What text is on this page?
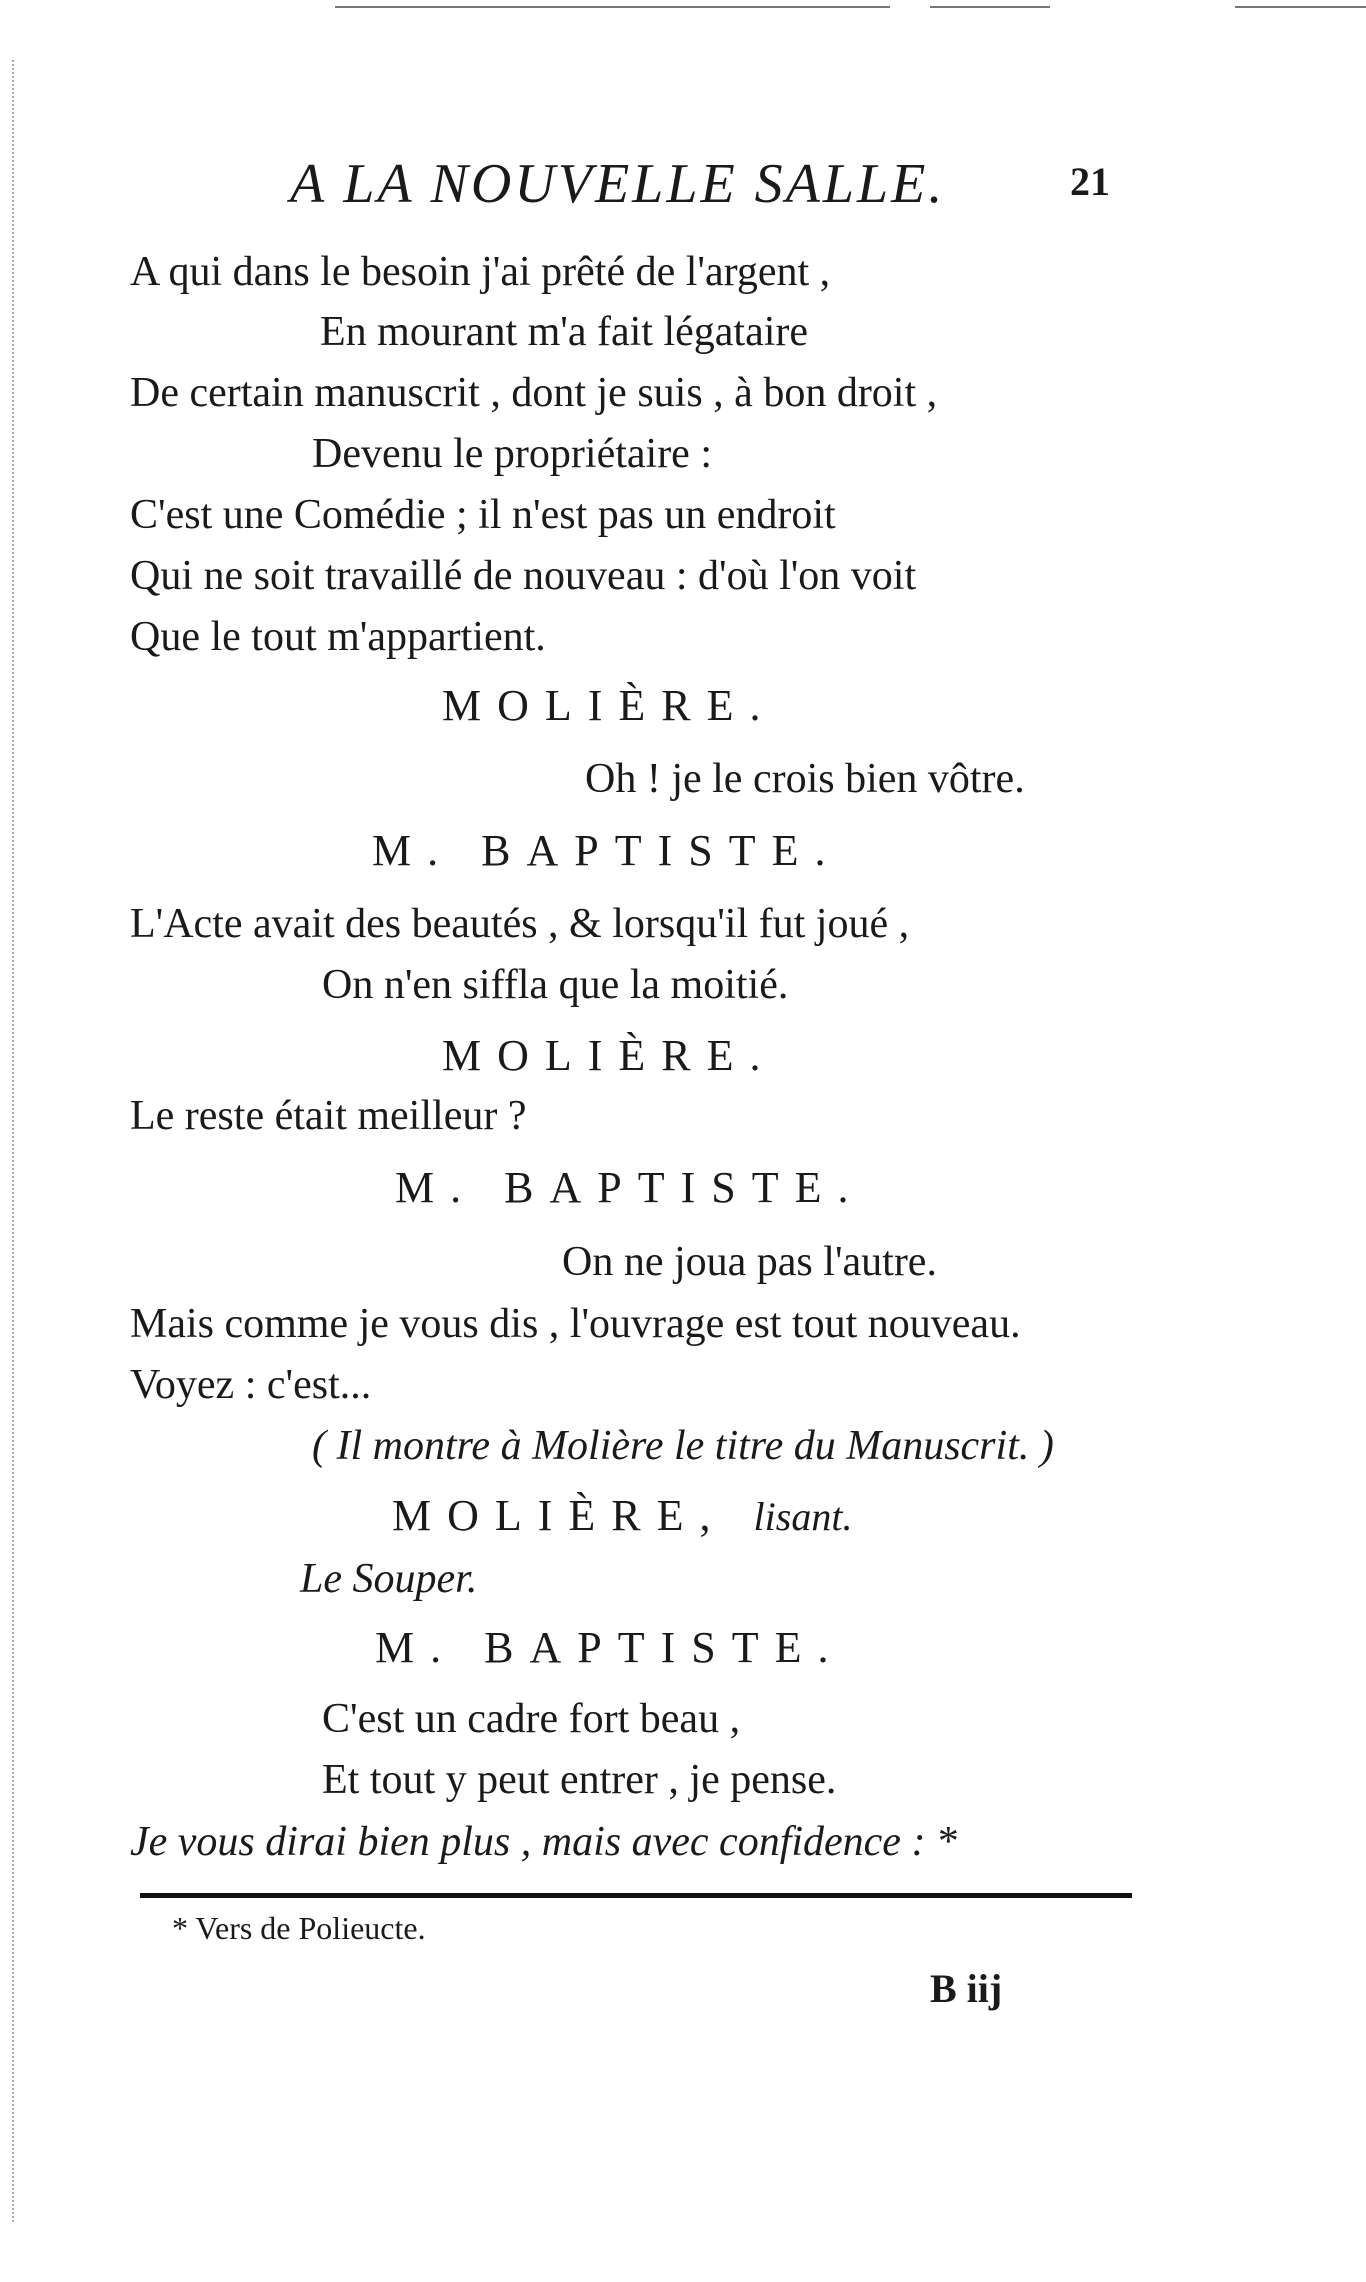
A LA NOUVELLE SALLE.	21
A qui dans le besoin j'ai prêté de l'argent ,
En mourant m'a fait légataire
De certain manuscrit , dont je suis , à bon droit ,
Devenu le propriétaire :
C'est une Comédie ; il n'est pas un endroit
Qui ne soit travaillé de nouveau : d'où l'on voit
Que le tout m'appartient.
MOLIÈRE.
Oh ! je le crois bien vôtre.
M. BAPTISTE.
L'Acte avait des beautés , & lorsqu'il fut joué ,
On n'en siffla que la moitié.
MOLIÈRE.
Le reste était meilleur ?
M. BAPTISTE.
On ne joua pas l'autre.
Mais comme je vous dis , l'ouvrage est tout nouveau.
Voyez : c'est...
( Il montre à Molière le titre du Manuscrit. )
MOLIÈRE, lisant.
Le Souper.
M. BAPTISTE.
C'est un cadre fort beau ,
Et tout y peut entrer , je pense.
Je vous dirai bien plus , mais avec confidence : *
* Vers de Polieucte.
B iij
